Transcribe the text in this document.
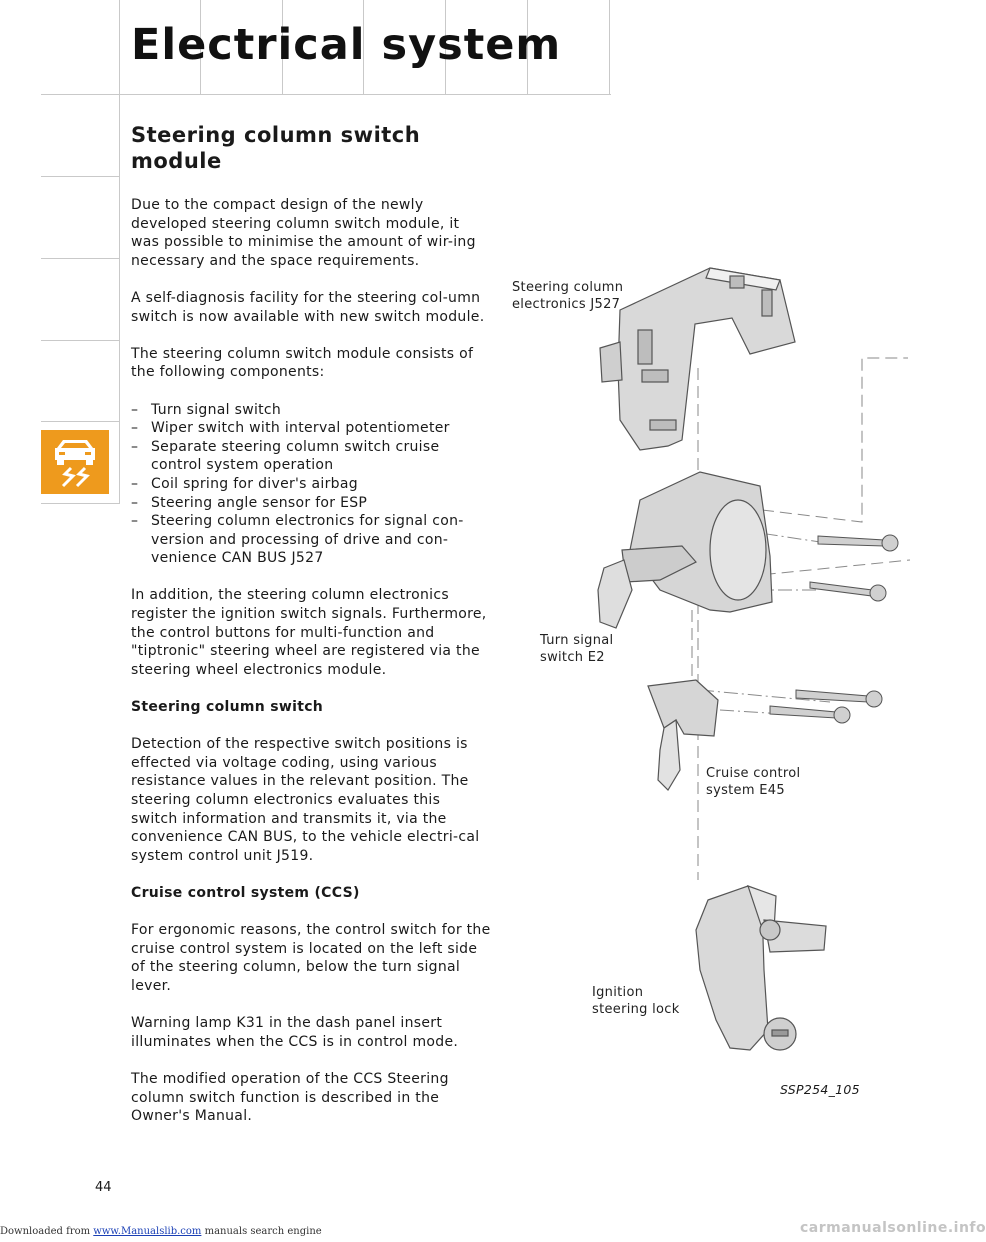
Electrical system
Steering column switch module

Due to the compact design of the newly developed steering column switch module, it was possible to minimise the amount of wir-ing necessary and the space requirements.

A self-diagnosis facility for the steering col-umn switch is now available with new switch module.

The steering column switch module consists of the following components:

– Turn signal switch
– Wiper switch with interval potentiometer
– Separate steering column switch cruise control system operation
– Coil spring for diver's airbag
– Steering angle sensor for ESP
– Steering column electronics for signal con-version and processing of drive and con-venience CAN BUS J527

In addition, the steering column electronics register the ignition switch signals. Furthermore, the control buttons for multi-function and "tiptronic" steering wheel are registered via the steering wheel electronics module.

Steering column switch

Detection of the respective switch positions is effected via voltage coding, using various resistance values in the relevant position. The steering column electronics evaluates this switch information and transmits it, via the convenience CAN BUS, to the vehicle electri-cal system control unit J519.

Cruise control system (CCS)

For ergonomic reasons, the control switch for the cruise control system is located on the left side of the steering column, below the turn signal lever.

Warning lamp K31 in the dash panel insert illuminates when the CCS is in control mode.

The modified operation of the CCS Steering column switch function is described in the Owner's Manual.

Steering column
electronics J527
Turn signal
switch E2
Cruise control
system E45
Ignition
steering lock
SSP254_105
44
Downloaded from www.Manualslib.com manuals search engine	carmanualsonline.info
